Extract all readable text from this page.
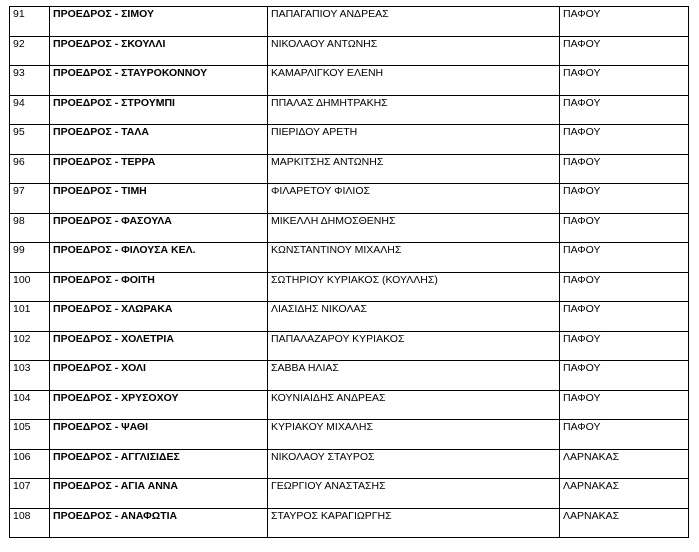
91	ΠΡΟΕΔΡΟΣ - ΣΙΜΟΥ	ΠΑΠΑΓΑΠΙΟΥ ΑΝΔΡΕΑΣ	ΠΑΦΟΥ

92	ΠΡΟΕΔΡΟΣ - ΣΚΟΥΛΛΙ	ΝΙΚΟΛΑΟΥ ΑΝΤΩΝΗΣ	ΠΑΦΟΥ

93	ΠΡΟΕΔΡΟΣ - ΣΤΑΥΡΟΚΟΝΝΟΥ	ΚΑΜΑΡΛΙΓΚΟΥ ΕΛΕΝΗ	ΠΑΦΟΥ

94	ΠΡΟΕΔΡΟΣ - ΣΤΡΟΥΜΠΙ	ΠΠΑΛΑΣ ΔΗΜΗΤΡΑΚΗΣ	ΠΑΦΟΥ

95	ΠΡΟΕΔΡΟΣ - ΤΑΛΑ	ΠΙΕΡΙΔΟΥ ΑΡΕΤΗ	ΠΑΦΟΥ

96	ΠΡΟΕΔΡΟΣ - ΤΕΡΡΑ	ΜΑΡΚΙΤΣΗΣ ΑΝΤΩΝΗΣ	ΠΑΦΟΥ

97	ΠΡΟΕΔΡΟΣ - ΤΙΜΗ	ΦΙΛΑΡΕΤΟΥ ΦΙΛΙΟΣ	ΠΑΦΟΥ

98	ΠΡΟΕΔΡΟΣ - ΦΑΣΟΥΛΑ	ΜΙΚΕΛΛΗ ΔΗΜΟΣΘΕΝΗΣ	ΠΑΦΟΥ

99	ΠΡΟΕΔΡΟΣ - ΦΙΛΟΥΣΑ ΚΕΛ.	ΚΩΝΣΤΑΝΤΙΝΟΥ ΜΙΧΑΛΗΣ	ΠΑΦΟΥ

100	ΠΡΟΕΔΡΟΣ - ΦΟΙΤΗ	ΣΩΤΗΡΙΟΥ ΚΥΡΙΑΚΟΣ (ΚΟΥΛΛΗΣ)	ΠΑΦΟΥ

101	ΠΡΟΕΔΡΟΣ - ΧΛΩΡΑΚΑ	ΛΙΑΣΙΔΗΣ ΝΙΚΟΛΑΣ	ΠΑΦΟΥ

102	ΠΡΟΕΔΡΟΣ - ΧΟΛΕΤΡΙΑ	ΠΑΠΑΛΑΖΑΡΟΥ ΚΥΡΙΑΚΟΣ	ΠΑΦΟΥ

103	ΠΡΟΕΔΡΟΣ - ΧΟΛΙ	ΣΑΒΒΑ ΗΛΙΑΣ	ΠΑΦΟΥ

104	ΠΡΟΕΔΡΟΣ - ΧΡΥΣΟΧΟΥ	ΚΟΥΝΙΑΙΔΗΣ ΑΝΔΡΕΑΣ	ΠΑΦΟΥ

105	ΠΡΟΕΔΡΟΣ - ΨΑΘΙ	ΚΥΡΙΑΚΟΥ ΜΙΧΑΛΗΣ	ΠΑΦΟΥ

106	ΠΡΟΕΔΡΟΣ - ΑΓΓΛΙΣΙΔΕΣ	ΝΙΚΟΛΑΟΥ ΣΤΑΥΡΟΣ	ΛΑΡΝΑΚΑΣ

107	ΠΡΟΕΔΡΟΣ - ΑΓΙΑ ΑΝΝΑ	ΓΕΩΡΓΙΟΥ ΑΝΑΣΤΑΣΗΣ	ΛΑΡΝΑΚΑΣ

108	ΠΡΟΕΔΡΟΣ - ΑΝΑΦΩΤΙΑ	ΣΤΑΥΡΟΣ ΚΑΡΑΓΙΩΡΓΗΣ	ΛΑΡΝΑΚΑΣ
